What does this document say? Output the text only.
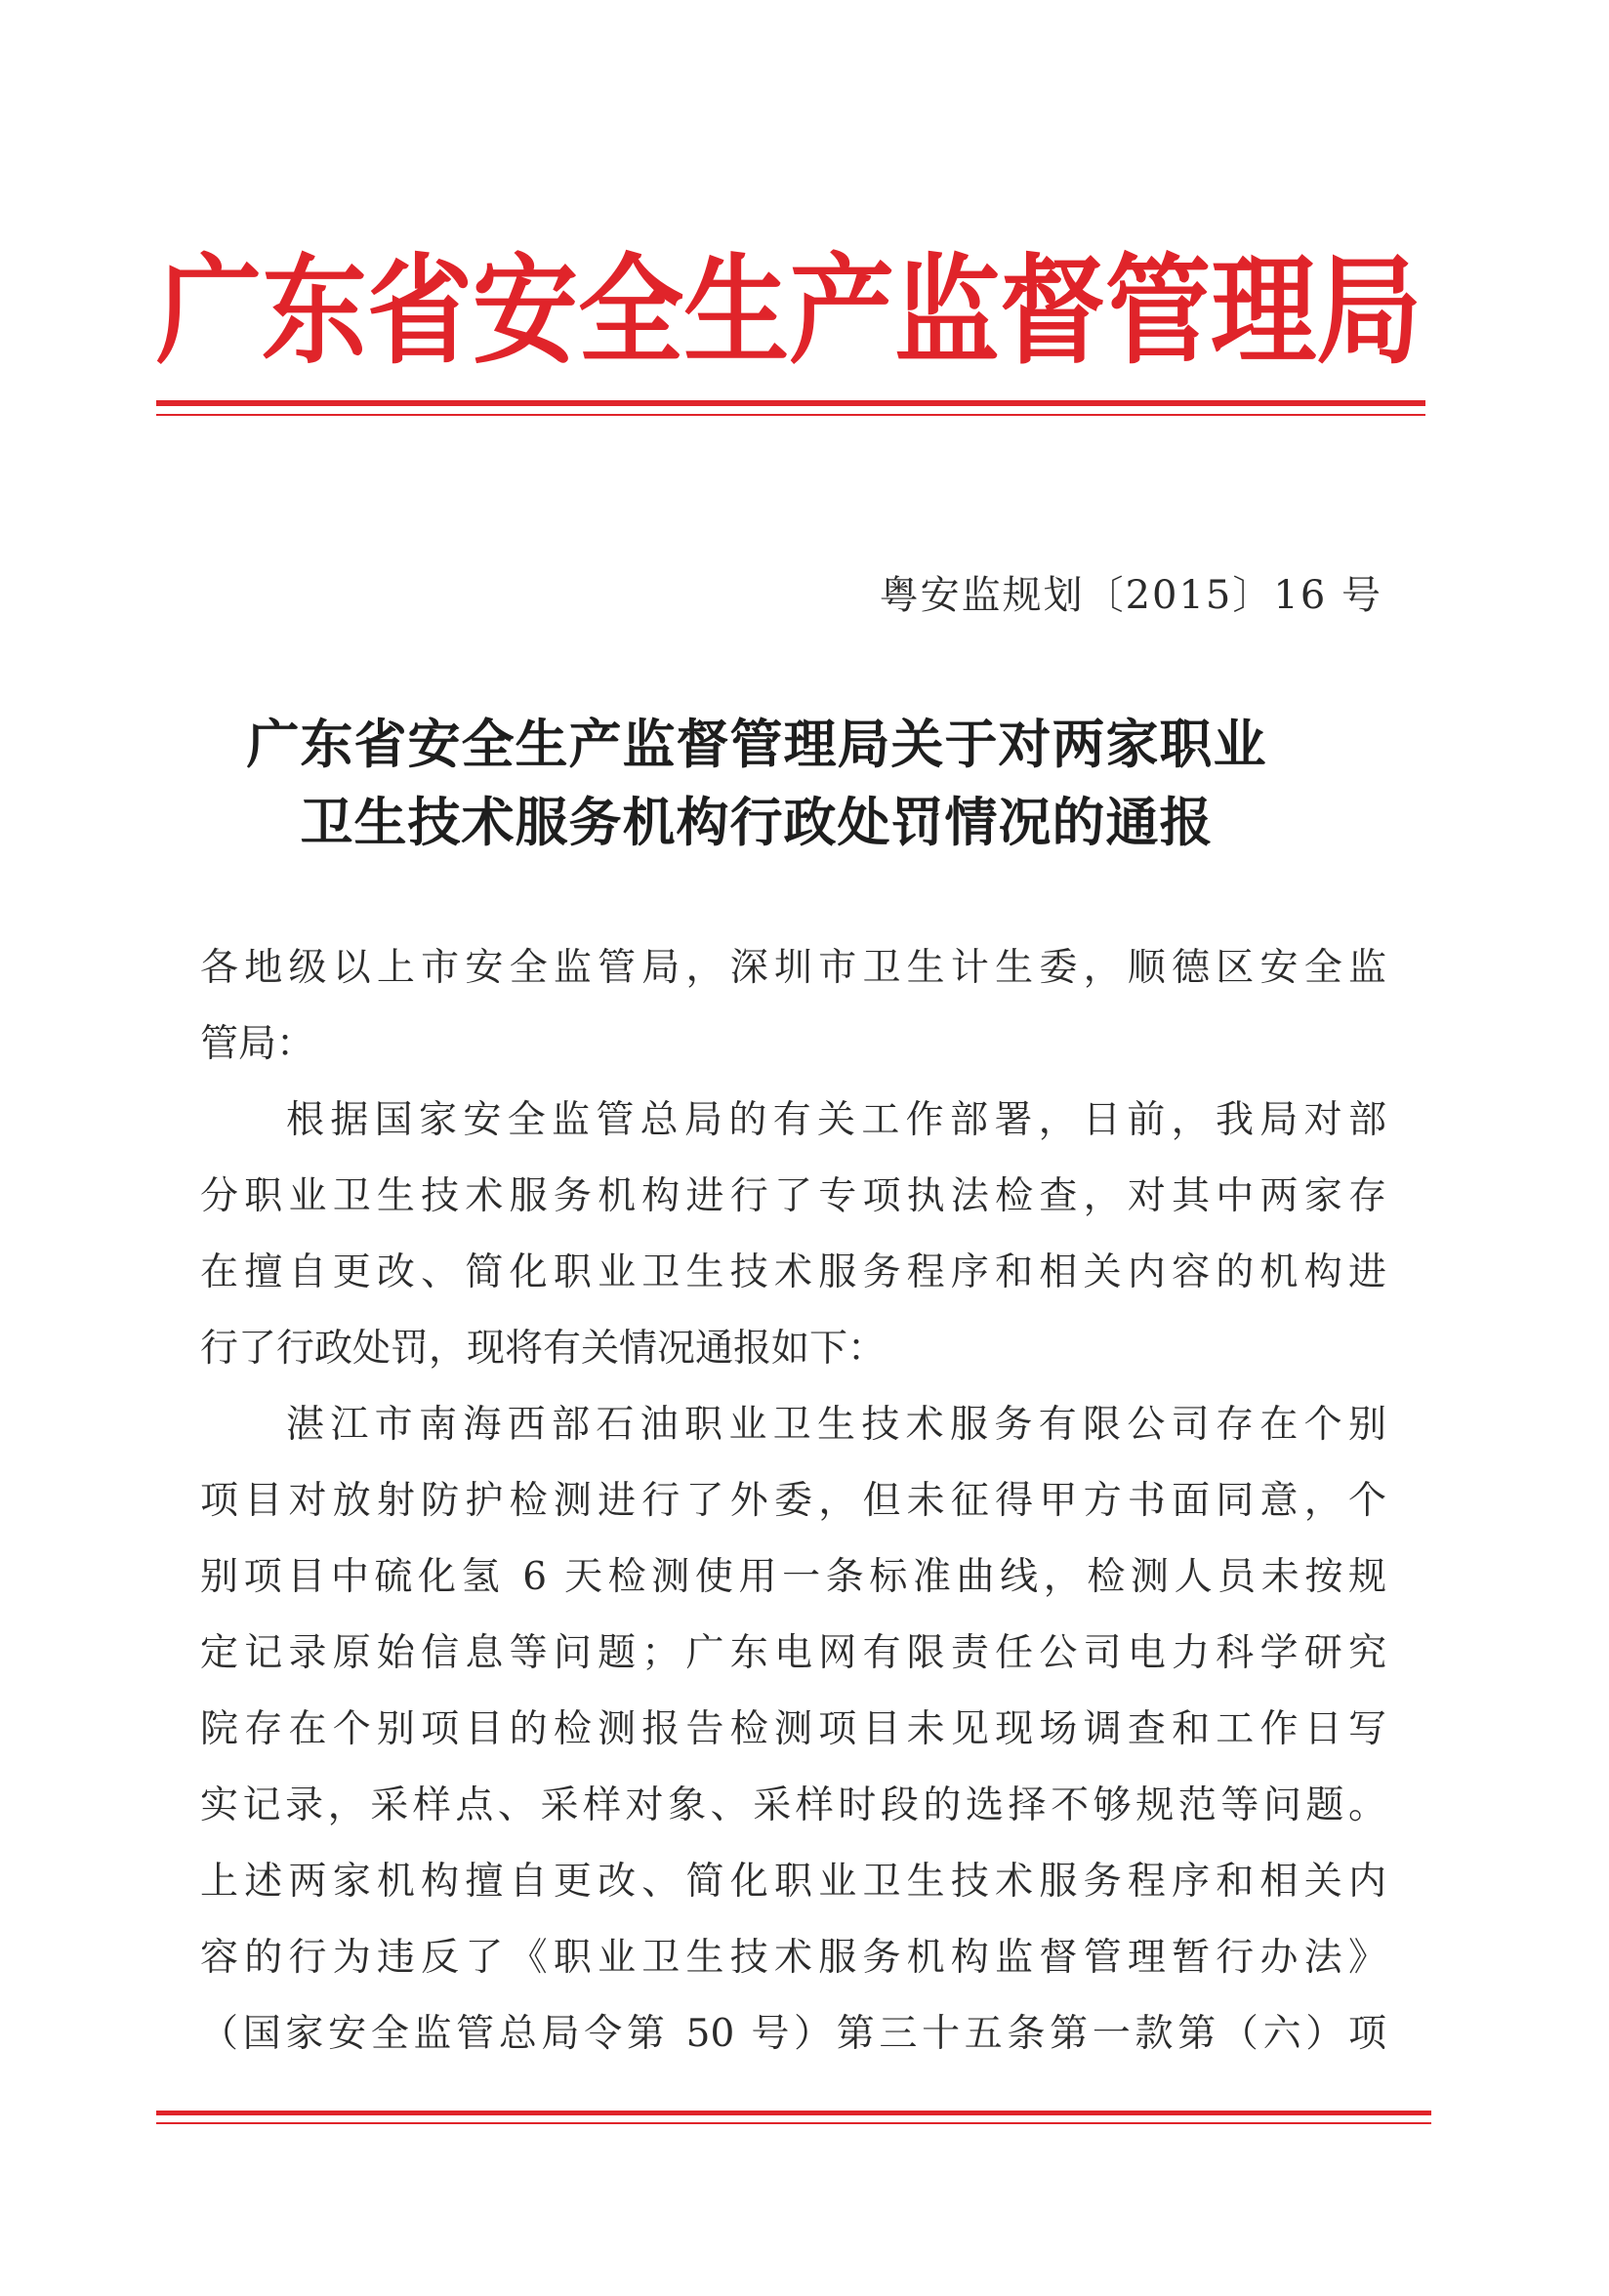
广 东 省 安 全 生 产 监 督 管 理 局
粤安监规划〔2015〕16 号
广东省安全生产监督管理局关于对两家职业
卫生技术服务机构行政处罚情况的通报
各地级以上市安全监管局，深圳市卫生计生委，顺德区安全监
管局：
根据国家安全监管总局的有关工作部署，日前，我局对部
分职业卫生技术服务机构进行了专项执法检查，对其中两家存
在擅自更改、简化职业卫生技术服务程序和相关内容的机构进
行了行政处罚，现将有关情况通报如下：
湛江市南海西部石油职业卫生技术服务有限公司存在个别
项目对放射防护检测进行了外委，但未征得甲方书面同意，个
别项目中硫化氢 6 天检测使用一条标准曲线，检测人员未按规
定记录原始信息等问题；广东电网有限责任公司电力科学研究
院存在个别项目的检测报告检测项目未见现场调查和工作日写
实记录，采样点、采样对象、采样时段的选择不够规范等问题。
上述两家机构擅自更改、简化职业卫生技术服务程序和相关内
容的行为违反了《职业卫生技术服务机构监督管理暂行办法》
（国家安全监管总局令第 50 号）第三十五条第一款第（六）项
